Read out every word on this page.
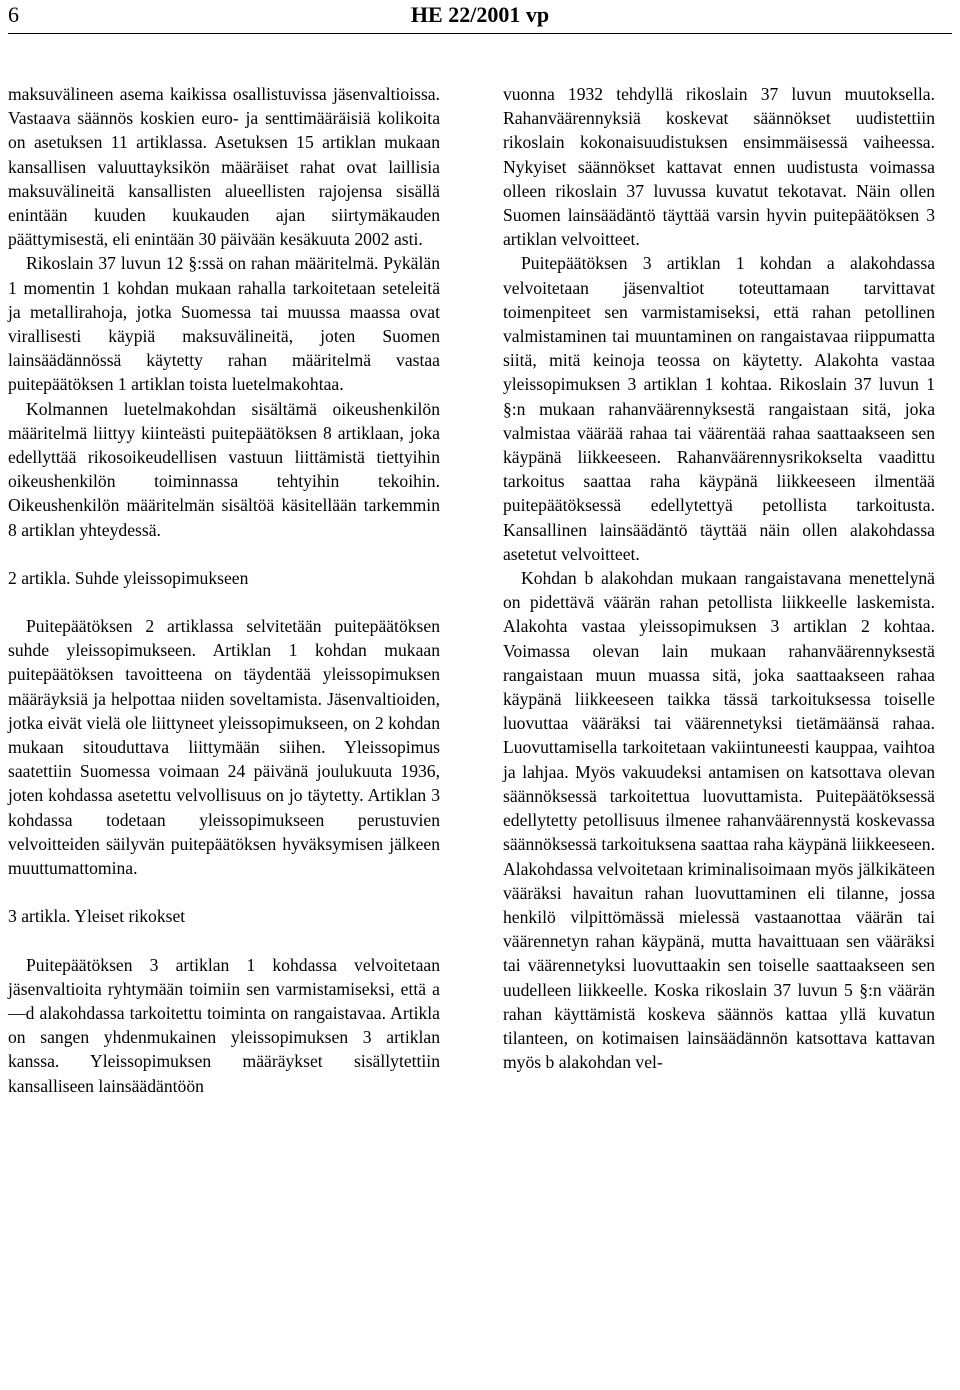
6	HE 22/2001 vp

maksuvälineen asema kaikissa osallistuvissa jäsenvaltioissa. Vastaava säännös koskien euro- ja senttimääräisiä kolikoita on asetuksen 11 artiklassa. Asetuksen 15 artiklan mukaan kansallisen valuuttayksikön määräiset rahat ovat laillisia maksuvälineitä kansallisten alueellisten rajojensa sisällä enintään kuuden kuukauden ajan siirtymäkauden päättymisestä, eli enintään 30 päivään kesäkuuta 2002 asti.

Rikoslain 37 luvun 12 §:ssä on rahan määritelmä. Pykälän 1 momentin 1 kohdan mukaan rahalla tarkoitetaan seteleitä ja metallirahoja, jotka Suomessa tai muussa maassa ovat virallisesti käypiä maksuvälineitä, joten Suomen lainsäädännössä käytetty rahan määritelmä vastaa puitepäätöksen 1 artiklan toista luetelmakohtaa.

Kolmannen luetelmakohdan sisältämä oikeushenkilön määritelmä liittyy kiinteästi puitepäätöksen 8 artiklaan, joka edellyttää rikosoikeudellisen vastuun liittämistä tiettyihin oikeushenkilön toiminnassa tehtyihin tekoihin. Oikeushenkilön määritelmän sisältöä käsitellään tarkemmin 8 artiklan yhteydessä.

2 artikla. Suhde yleissopimukseen

Puitepäätöksen 2 artiklassa selvitetään puitepäätöksen suhde yleissopimukseen. Artiklan 1 kohdan mukaan puitepäätöksen tavoitteena on täydentää yleissopimuksen määräyksiä ja helpottaa niiden soveltamista. Jäsenvaltioiden, jotka eivät vielä ole liittyneet yleissopimukseen, on 2 kohdan mukaan sitouduttava liittymään siihen. Yleissopimus saatettiin Suomessa voimaan 24 päivänä joulukuuta 1936, joten kohdassa asetettu velvollisuus on jo täytetty. Artiklan 3 kohdassa todetaan yleissopimukseen perustuvien velvoitteiden säilyvän puitepäätöksen hyväksymisen jälkeen muuttumattomina.

3 artikla. Yleiset rikokset

Puitepäätöksen 3 artiklan 1 kohdassa velvoitetaan jäsenvaltioita ryhtymään toimiin sen varmistamiseksi, että a —d alakohdassa tarkoitettu toiminta on rangaistavaa. Artikla on sangen yhdenmukainen yleissopimuksen 3 artiklan kanssa. Yleissopimuksen määräykset sisällytettiin kansalliseen lainsäädäntöön

vuonna 1932 tehdyllä rikoslain 37 luvun muutoksella. Rahanväärennyksiä koskevat säännökset uudistettiin rikoslain kokonaisuudistuksen ensimmäisessä vaiheessa. Nykyiset säännökset kattavat ennen uudistusta voimassa olleen rikoslain 37 luvussa kuvatut tekotavat. Näin ollen Suomen lainsäädäntö täyttää varsin hyvin puitepäätöksen 3 artiklan velvoitteet.

Puitepäätöksen 3 artiklan 1 kohdan a alakohdassa velvoitetaan jäsenvaltiot toteuttamaan tarvittavat toimenpiteet sen varmistamiseksi, että rahan petollinen valmistaminen tai muuntaminen on rangaistavaa riippumatta siitä, mitä keinoja teossa on käytetty. Alakohta vastaa yleissopimuksen 3 artiklan 1 kohtaa. Rikoslain 37 luvun 1 §:n mukaan rahanväärennyksestä rangaistaan sitä, joka valmistaa väärää rahaa tai väärentää rahaa saattaakseen sen käypänä liikkeeseen. Rahanväärennysrikokselta vaadittu tarkoitus saattaa raha käypänä liikkeeseen ilmentää puitepäätöksessä edellytettyä petollista tarkoitusta. Kansallinen lainsäädäntö täyttää näin ollen alakohdassa asetetut velvoitteet.

Kohdan b alakohdan mukaan rangaistavana menettelynä on pidettävä väärän rahan petollista liikkeelle laskemista. Alakohta vastaa yleissopimuksen 3 artiklan 2 kohtaa. Voimassa olevan lain mukaan rahanväärennyksestä rangaistaan muun muassa sitä, joka saattaakseen rahaa käypänä liikkeeseen taikka tässä tarkoituksessa toiselle luovuttaa vääräksi tai väärennetyksi tietämäänsä rahaa. Luovuttamisella tarkoitetaan vakiintuneesti kauppaa, vaihtoa ja lahjaa. Myös vakuudeksi antamisen on katsottava olevan säännöksessä tarkoitettua luovuttamista. Puitepäätöksessä edellytetty petollisuus ilmenee rahanväärennystä koskevassa säännöksessä tarkoituksena saattaa raha käypänä liikkeeseen. Alakohdassa velvoitetaan kriminalisoimaan myös jälkikäteen vääräksi havaitun rahan luovuttaminen eli tilanne, jossa henkilö vilpittömässä mielessä vastaanottaa väärän tai väärennetyn rahan käypänä, mutta havaittuaan sen vääräksi tai väärennetyksi luovuttaakin sen toiselle saattaakseen sen uudelleen liikkeelle. Koska rikoslain 37 luvun 5 §:n väärän rahan käyttämistä koskeva säännös kattaa yllä kuvatun tilanteen, on kotimaisen lainsäädännön katsottava kattavan myös b alakohdan vel-
